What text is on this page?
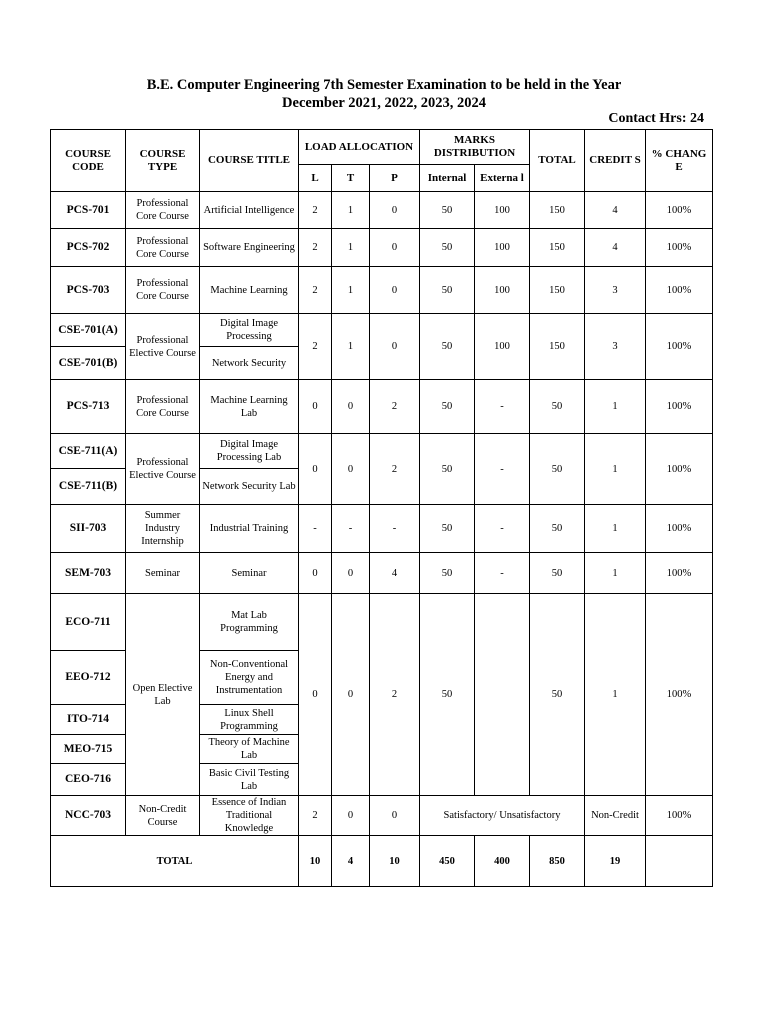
B.E. Computer Engineering 7th Semester Examination to be held in the Year
December 2021, 2022, 2023, 2024
Contact Hrs: 24
COURSE CODE	COURSE TYPE	COURSE TITLE	LOAD ALLOCATION			MARKS DISTRIBUTION		TOTAL	CREDIT S	% CHANG E
			L	T	P	Internal	Externa l			
PCS-701	Professional Core Course	Artificial Intelligence	2	1	0	50	100	150	4	100%
PCS-702	Professional Core Course	Software Engineering	2	1	0	50	100	150	4	100%
PCS-703	Professional Core Course	Machine Learning	2	1	0	50	100	150	3	100%
CSE-701(A)	Professional Elective Course	Digital Image Processing	2	1	0	50	100	150	3	100%
CSE-701(B)		Network Security								
PCS-713	Professional Core Course	Machine Learning Lab	0	0	2	50	-	50	1	100%
CSE-711(A)	Professional Elective Course	Digital Image Processing Lab	0	0	2	50	-	50	1	100%
CSE-711(B)		Network Security Lab								
SII-703	Summer Industry Internship	Industrial Training	-	-	-	50	-	50	1	100%
SEM-703	Seminar	Seminar	0	0	4	50	-	50	1	100%
ECO-711	Open Elective Lab	Mat Lab Programming	0	0	2	50		50	1	100%
EEO-712		Non-Conventional Energy and Instrumentation								
ITO-714		Linux Shell Programming								
MEO-715		Theory of Machine Lab								
CEO-716		Basic Civil Testing Lab								
NCC-703	Non-Credit Course	Essence of Indian Traditional Knowledge	2	0	0	Satisfactory/ Unsatisfactory			Non-Credit	100%
TOTAL			10	4	10	450	400	850	19	
